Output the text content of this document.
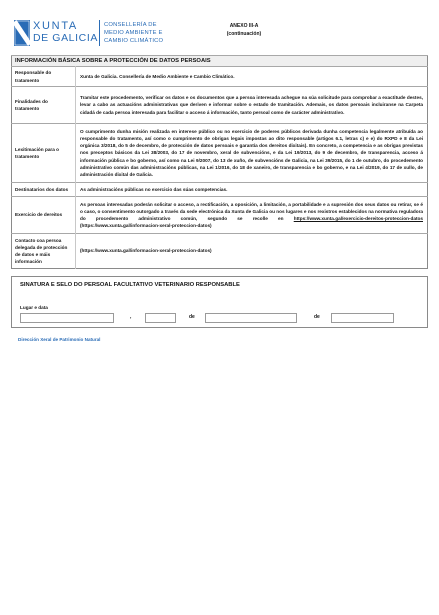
XUNTA
DE GALICIA
CONSELLERÍA DE
MEDIO AMBIENTE E
CAMBIO CLIMÁTICO
ANEXO III-A
(continuación)
INFORMACIÓN BÁSICA SOBRE A PROTECCIÓN DE DATOS PERSOAIS	
Responsable do tratamento	Xunta de Galicia. Consellería de Medio Ambiente e Cambio Climático.
Finalidades do tratamento	Tramitar este procedemento, verificar os datos e os documentos que a persoa interesada achegue na súa solicitude para comprobar a exactitude destes, levar a cabo as actuacións administrativas que deriven e informar sobre o estado de tramitación. Ademais, os datos persoais incluiranse na Carpeta cidadá de cada persoa interesada para facilitar o acceso á información, tanto persoal como de carácter administrativo.
Lexitimación para o tratamento	O cumprimento dunha misión realizada en interese público ou no exercicio de poderes públicos derivada dunha competencia legalmente atribuída ao responsable do tratamento, así como o cumprimento de obrigas legais impostas ao dito responsable (artigos 6.1, letras c) e e) do RXPD e 8 da Lei orgánica 3/2018, do 5 de decembro, de protección de datos persoais e garantía dos dereitos dixitais). En concreto, a competencia e as obrigas previstas nos preceptos básicos da Lei 38/2003, do 17 de novembro, xeral de subvencións, e da Lei 19/2013, do 9 de decembro, de transparencia, acceso á información pública e bo goberno, así como na Lei 9/2007, do 13 de xuño, de subvencións de Galicia, na Lei 39/2015, do 1 de outubro, do procedemento administrativo común das administracións públicas, na Lei 1/2016, do 18 de xaneiro, de transparencia e bo goberno, e na Lei 4/2019, do 17 de xullo, de administración dixital de Galicia.
Destinatarios dos datos	As administracións públicas no exercicio das súas competencias.
Exercicio de dereitos	As persoas interesadas poderán solicitar o acceso, a rectificación, a oposición, a limitación, a portabilidade e a supresión dos seus datos ou retirar, se é o caso, o consentimento outorgado a través da sede electrónica da Xunta de Galicia ou nos lugares e nos rexistros establecidos na normativa reguladora do procedemento administrativo común, segundo se recolle en https://www.xunta.gal/exercicio-dereitos-proteccion-datos (https://www.xunta.gal/informacion-xeral-proteccion-datos)
Contacto coa persoa delegada de protección de datos e máis información	(https://www.xunta.gal/informacion-xeral-proteccion-datos)
SINATURA E SELO DO PERSOAL FACULTATIVO VETERINARIO RESPONSABLE
Lugar e data
,	de	de
Dirección Xeral de Patrimonio Natural
